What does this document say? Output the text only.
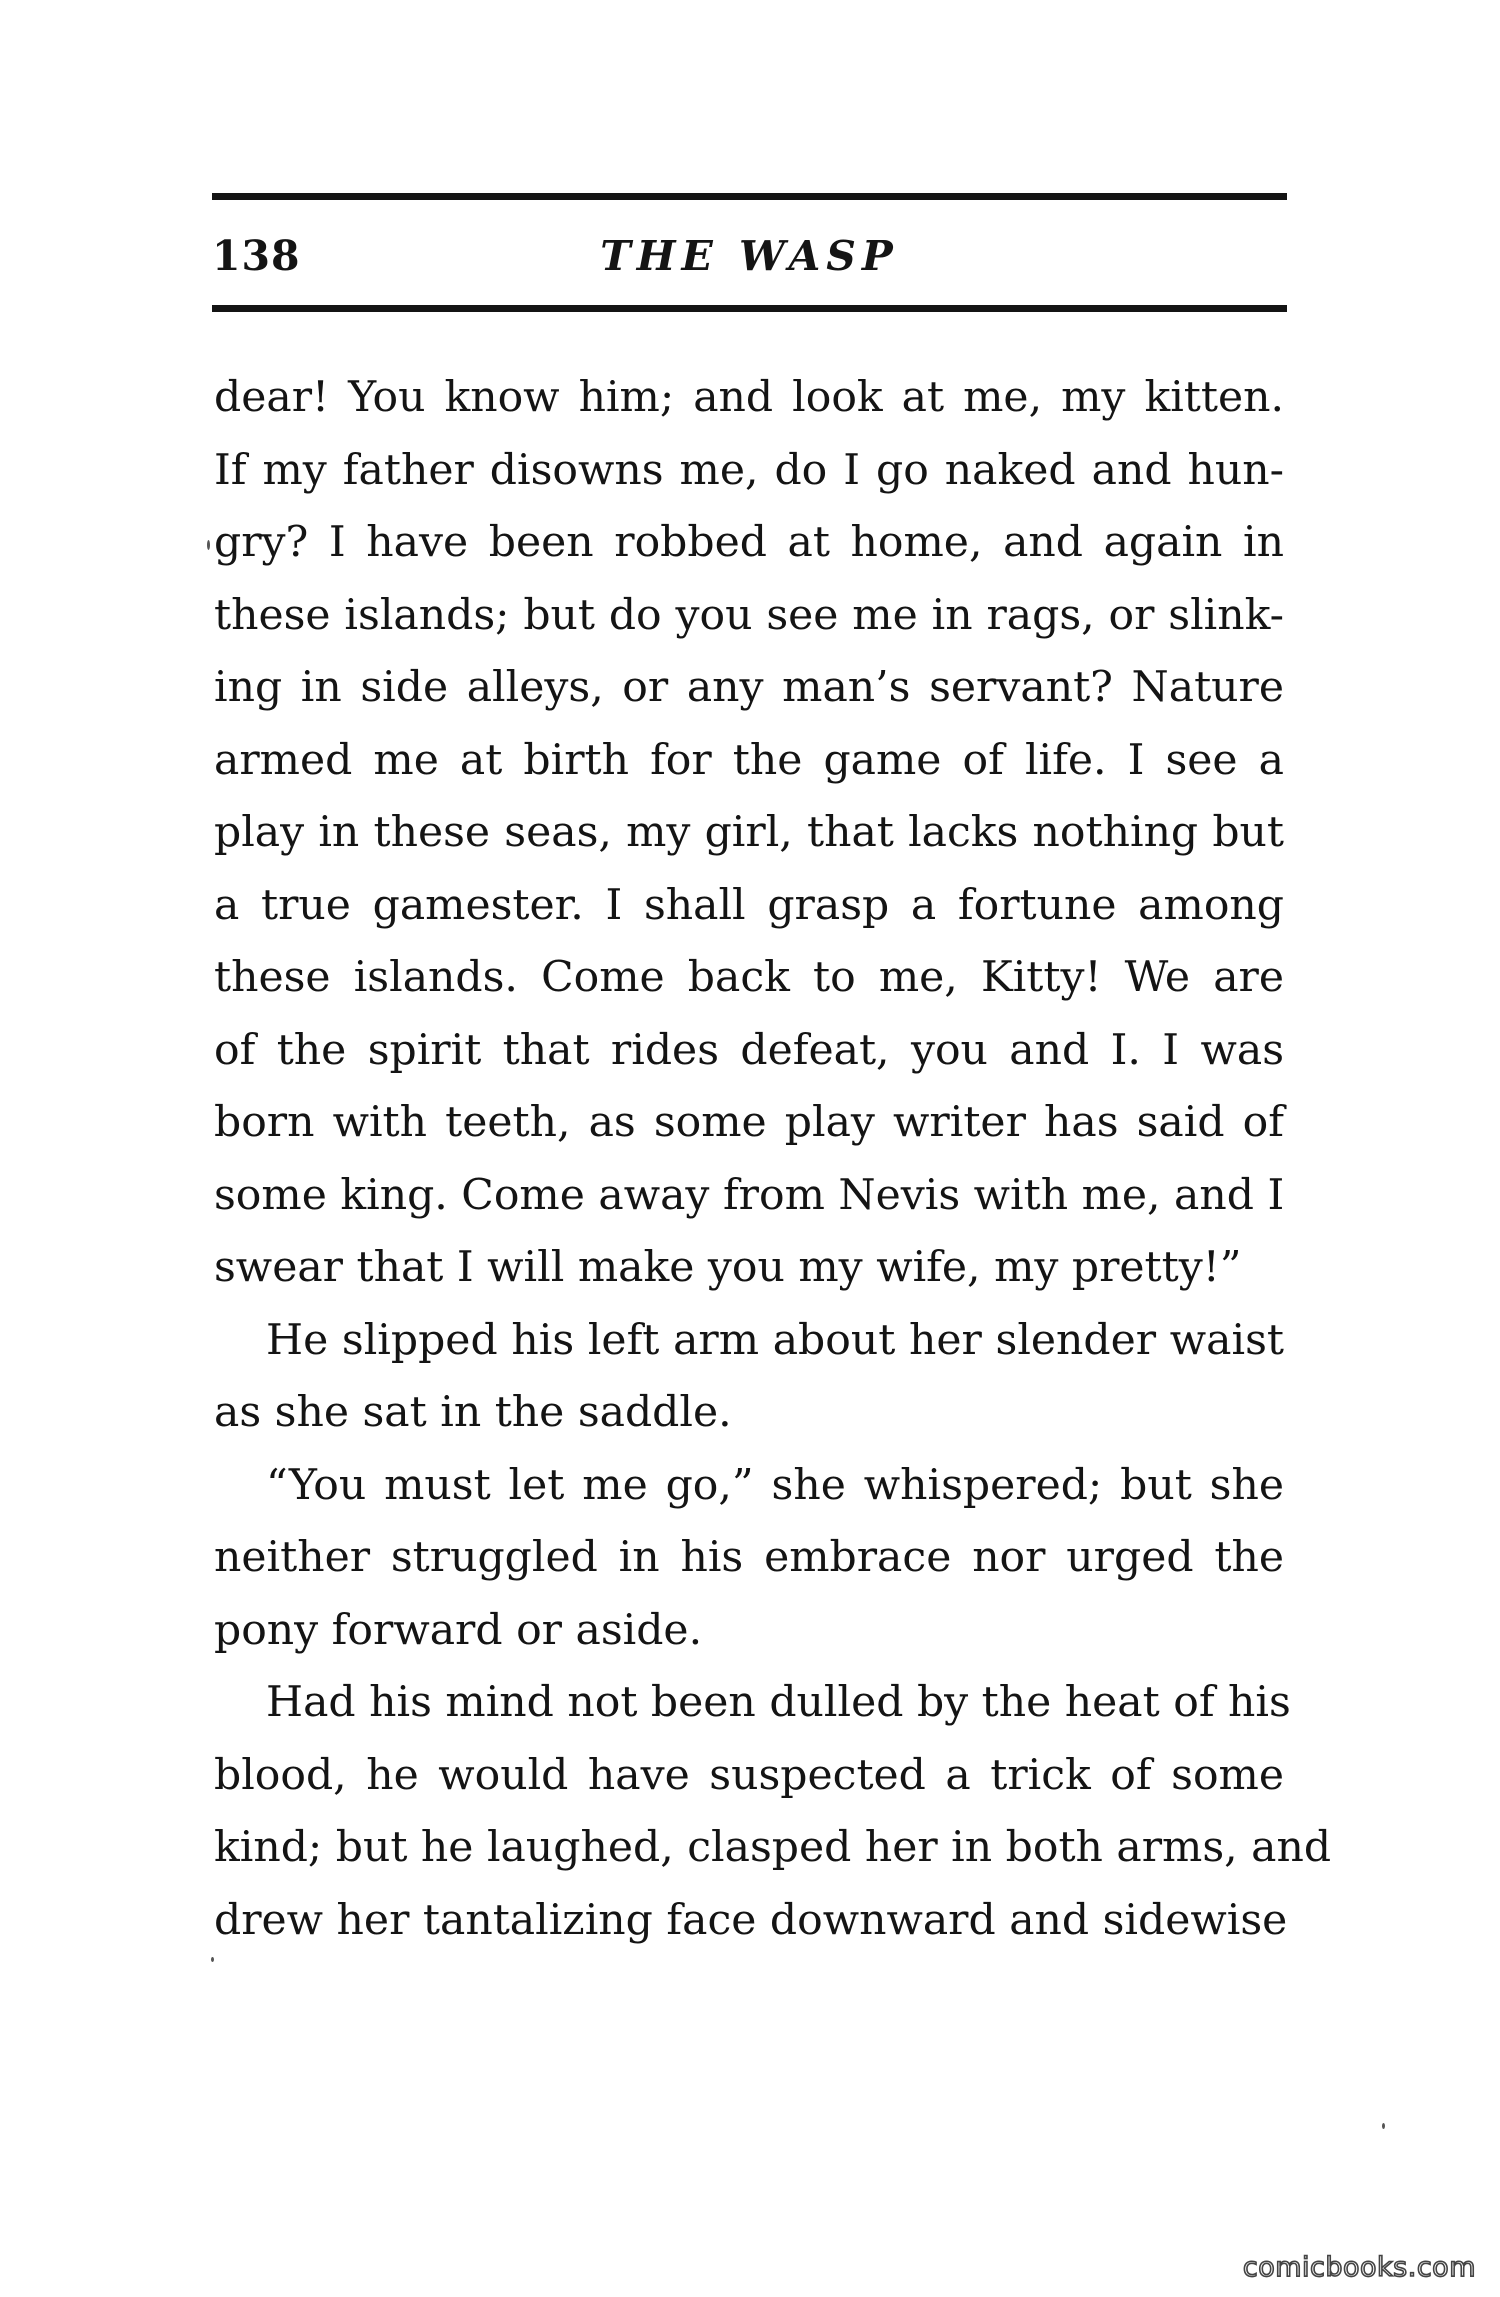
138	THE WASP
dear! You know him; and look at me, my kitten.
If my father disowns me, do I go naked and hun-
gry? I have been robbed at home, and again in
these islands; but do you see me in rags, or slink-
ing in side alleys, or any man’s servant? Nature
armed me at birth for the game of life. I see a
play in these seas, my girl, that lacks nothing but
a true gamester. I shall grasp a fortune among
these islands. Come back to me, Kitty! We are
of the spirit that rides defeat, you and I. I was
born with teeth, as some play writer has said of
some king. Come away from Nevis with me, and I
swear that I will make you my wife, my pretty!”
He slipped his left arm about her slender waist
as she sat in the saddle.
“You must let me go,” she whispered; but she
neither struggled in his embrace nor urged the
pony forward or aside.
Had his mind not been dulled by the heat of his
blood, he would have suspected a trick of some
kind; but he laughed, clasped her in both arms, and
drew her tantalizing face downward and sidewise
comicbooks.com
